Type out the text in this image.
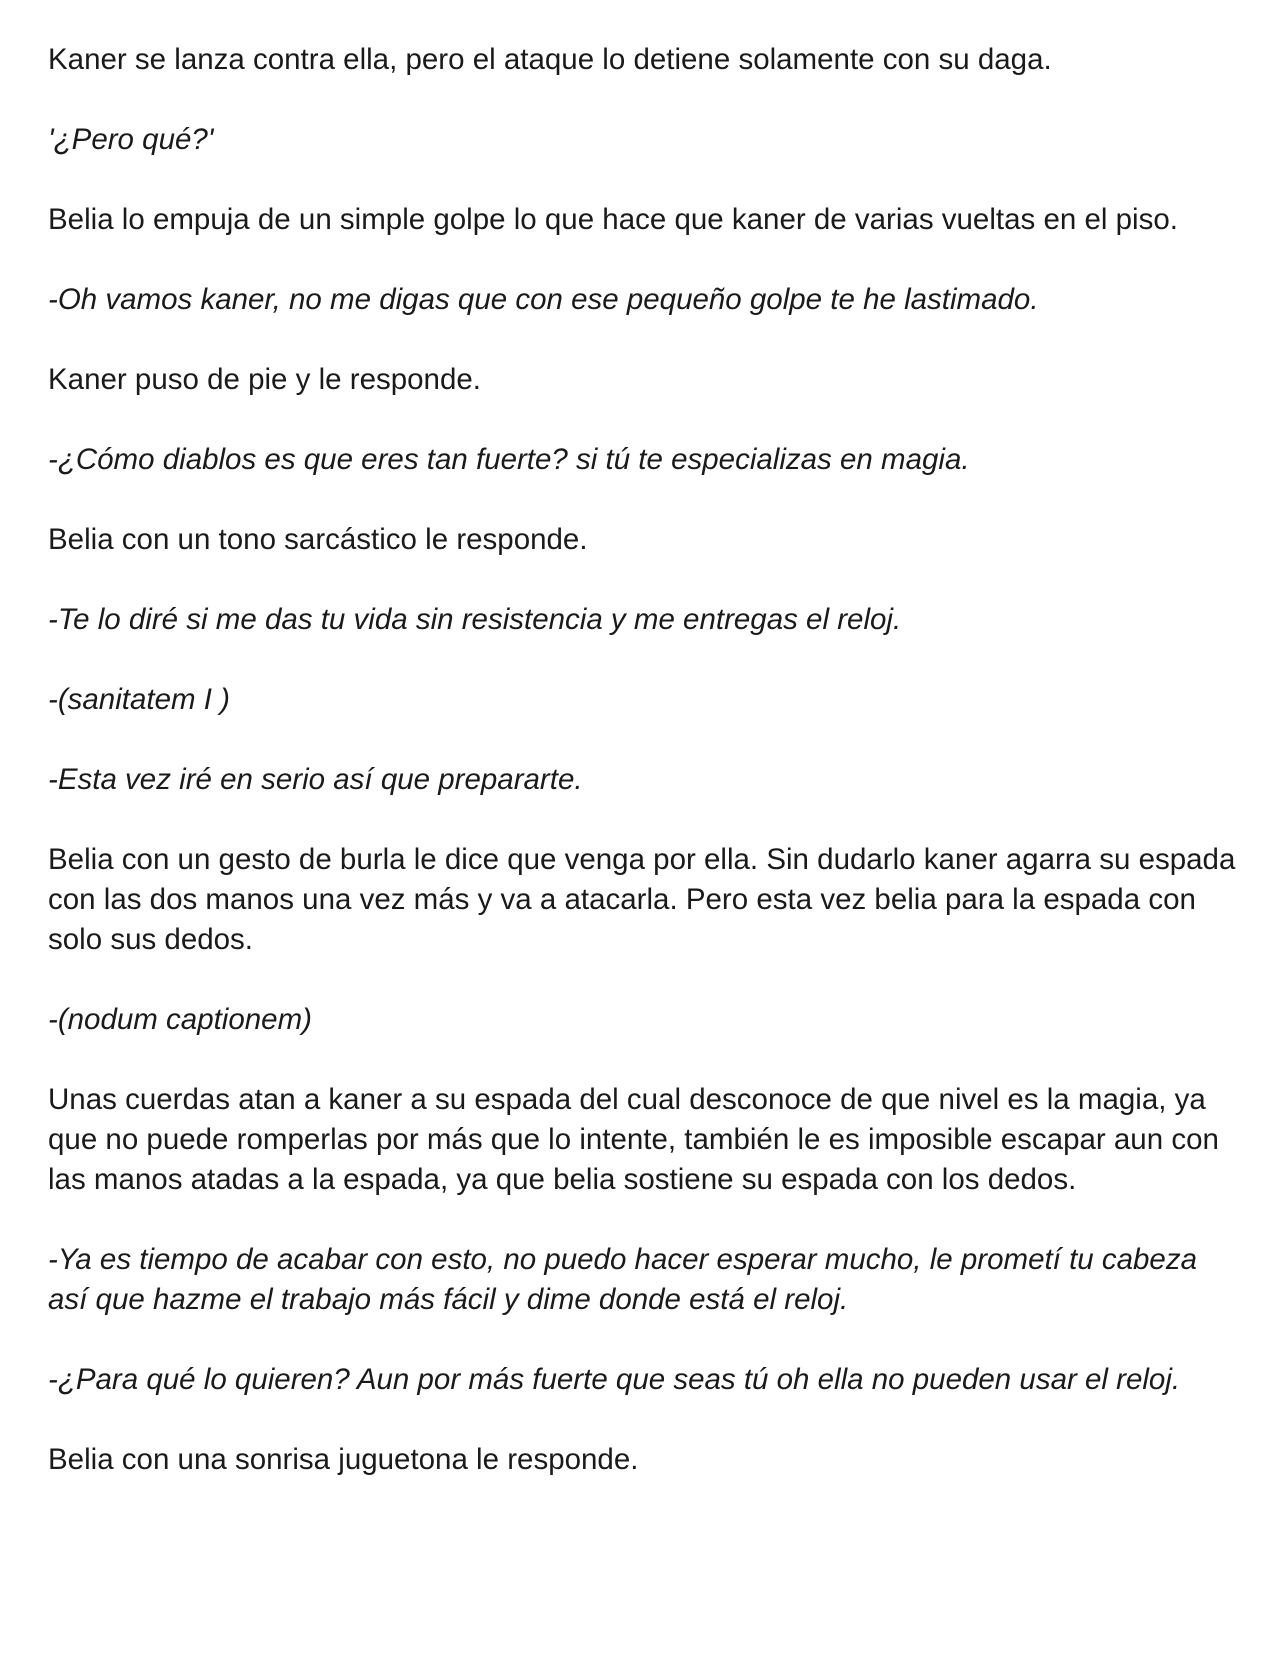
Kaner se lanza contra ella, pero el ataque lo detiene solamente con su daga.

'¿Pero qué?'

Belia lo empuja de un simple golpe lo que hace que kaner de varias vueltas en el piso.

-Oh vamos kaner, no me digas que con ese pequeño golpe te he lastimado.

Kaner puso de pie y le responde.

-¿Cómo diablos es que eres tan fuerte? si tú te especializas en magia.

Belia con un tono sarcástico le responde.

-Te lo diré si me das tu vida sin resistencia y me entregas el reloj.

-(sanitatem I )

-Esta vez iré en serio así que prepararte.

Belia con un gesto de burla le dice que venga por ella. Sin dudarlo kaner agarra su espada con las dos manos una vez más y va a atacarla. Pero esta vez belia para la espada con solo sus dedos.

-(nodum captionem)

Unas cuerdas atan a kaner a su espada del cual desconoce de que nivel es la magia, ya que no puede romperlas por más que lo intente, también le es imposible escapar aun con las manos atadas a la espada, ya que belia sostiene su espada con los dedos.

-Ya es tiempo de acabar con esto, no puedo hacer esperar mucho, le prometí tu cabeza así que hazme el trabajo más fácil y dime donde está el reloj.

-¿Para qué lo quieren? Aun por más fuerte que seas tú oh ella no pueden usar el reloj.

Belia con una sonrisa juguetona le responde.
